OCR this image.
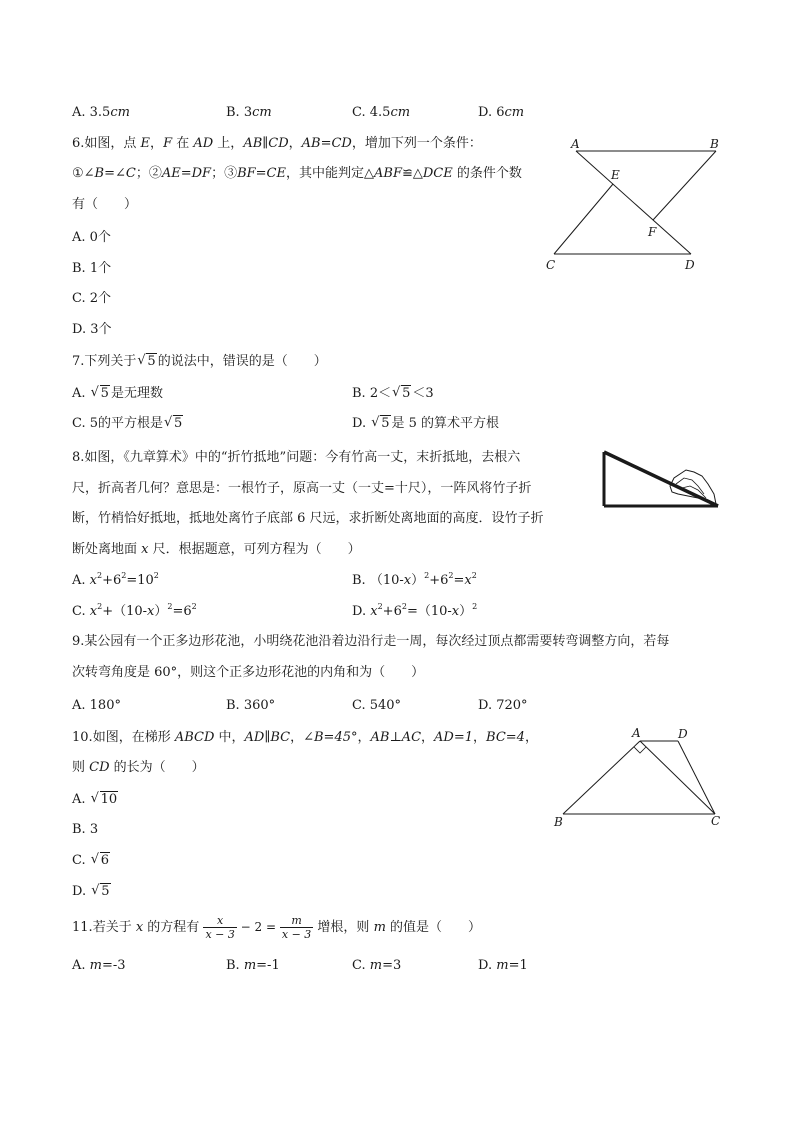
A. 3.5cm	B. 3cm	C. 4.5cm	D. 6cm
6.如图，点 E，F 在 AD 上，AB∥CD，AB=CD，增加下列一个条件：
①∠B=∠C；②AE=DF；③BF=CE，其中能判定△ABF≌△DCE 的条件个数
有（　　）
A. 0个
B. 1个
C. 2个
D. 3个
A	B
C	D
E
F
7.下列关于 √ 5 的说法中，错误的是（　　）
A. √ 5 是无理数	B. 2＜ √ 5 ＜3
C. 5的平方根是 √ 5	D. √ 5 是 5 的算术平方根
8.如图，《九章算术》中的“折竹抵地”问题：今有竹高一丈，末折抵地，去根六
尺，折高者几何？意思是：一根竹子，原高一丈（一丈=十尺），一阵风将竹子折
断，竹梢恰好抵地，抵地处离竹子底部 6 尺远，求折断处离地面的高度．设竹子折
断处离地面 x 尺．根据题意，可列方程为（　　）
A. $x^2+6^2=10^2$	B. $(10-x)^2+6^2=x^2$
C. $x^2+(10-x)^2=6^2$	D. $x^2+6^2=(10-x)^2$
9.某公园有一个正多边形花池，小明绕花池沿着边沿行走一周，每次经过顶点都需要转弯调整方向，若每
次转弯角度是 60°，则这个正多边形花池的内角和为（　　）
A. 180°	B. 360°	C. 540°	D. 720°
10.如图，在梯形 ABCD 中，AD∥BC，∠B=45°，AB⊥AC，AD=1，BC=4，
则 CD 的长为（　　）
A. √ 10
B. 3
C. √ 6
D. √ 5
A	D
B	C
11.若关于 x 的方程有 $\frac{x}{x - 3} - 2 = \frac{m}{x - 3}$ 增根，则 m 的值是（　　）
A. m=-3	B. m=-1	C. m=3	D. m=1
